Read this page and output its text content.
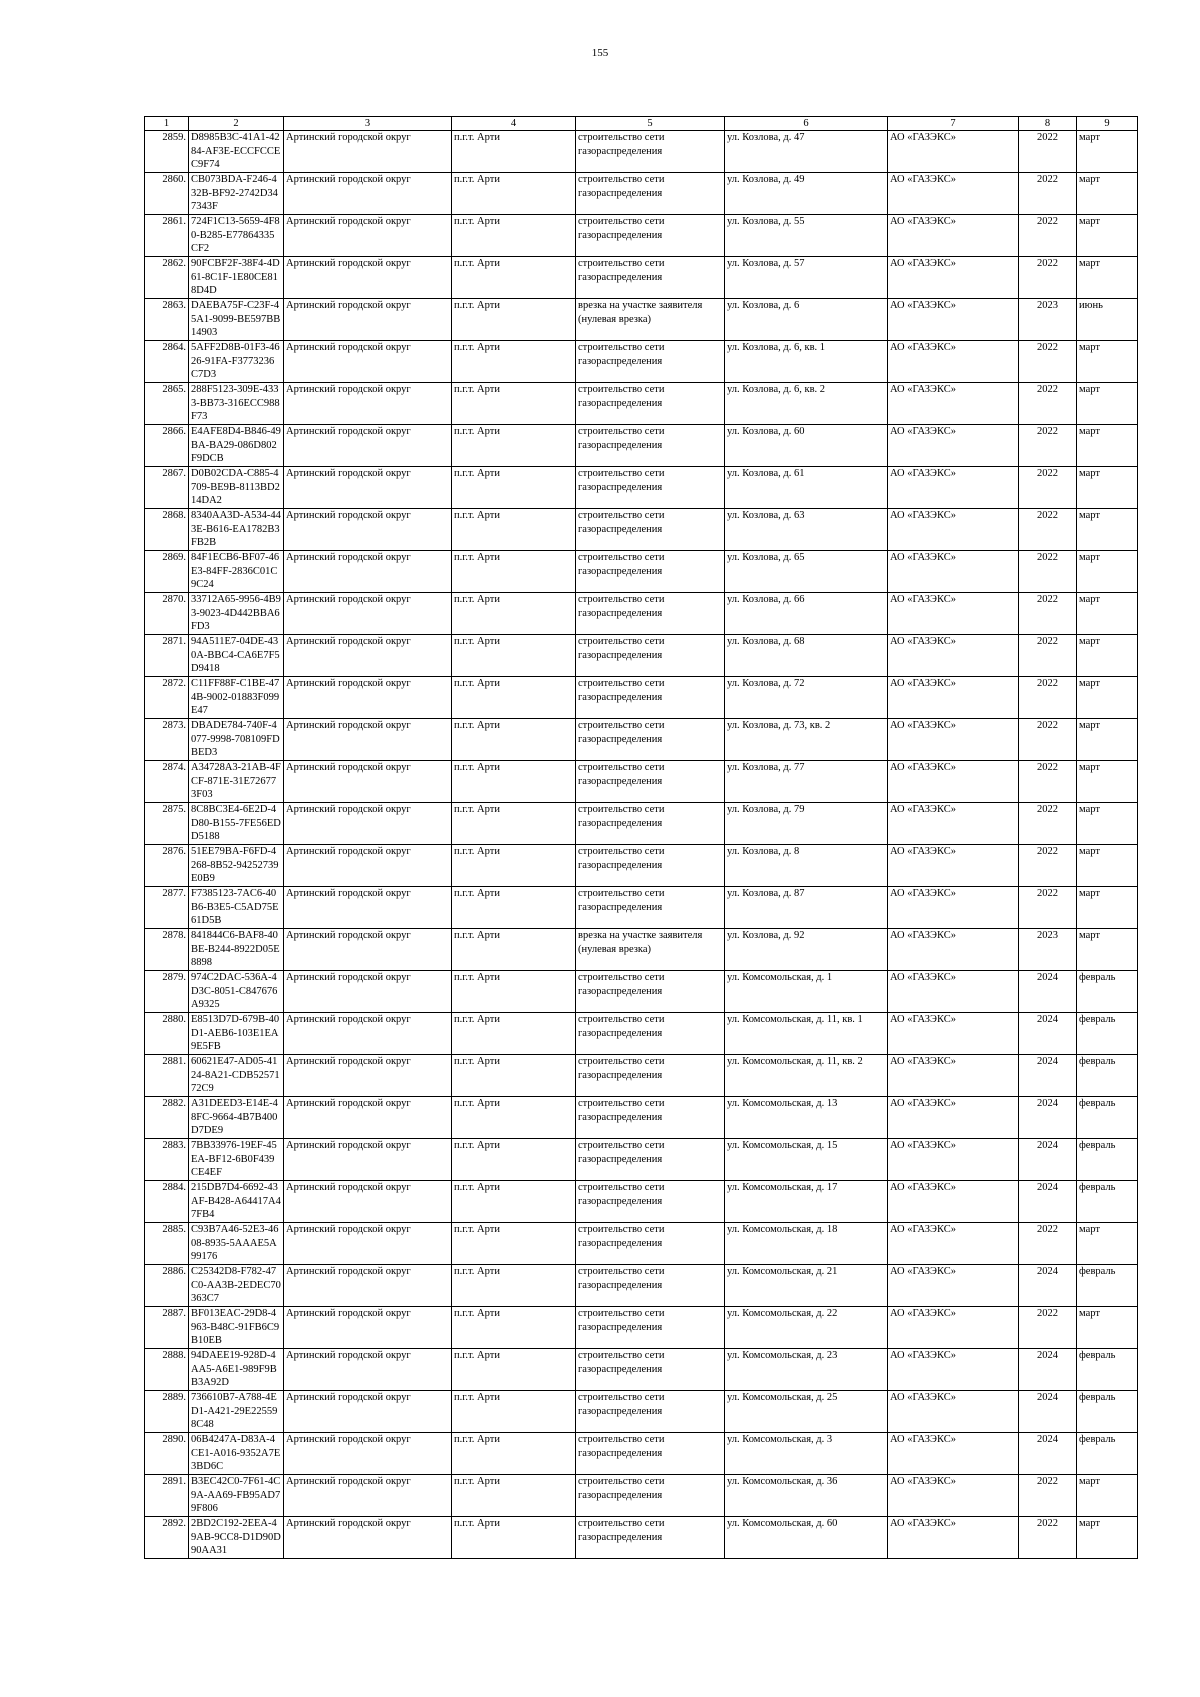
155
1	2	3	4	5	6	7	8	9
2859.	D8985B3C-41A1-4284-AF3E-ECCFCCEC9F74	Артинский городской округ	п.г.т. Арти	строительство сети газораспределения	ул. Козлова, д. 47	АО «ГАЗЭКС»	2022	март
2860.	CB073BDA-F246-432B-BF92-2742D347343F	Артинский городской округ	п.г.т. Арти	строительство сети газораспределения	ул. Козлова, д. 49	АО «ГАЗЭКС»	2022	март
2861.	724F1C13-5659-4F80-B285-E77864335CF2	Артинский городской округ	п.г.т. Арти	строительство сети газораспределения	ул. Козлова, д. 55	АО «ГАЗЭКС»	2022	март
2862.	90FCBF2F-38F4-4D61-8C1F-1E80CE818D4D	Артинский городской округ	п.г.т. Арти	строительство сети газораспределения	ул. Козлова, д. 57	АО «ГАЗЭКС»	2022	март
2863.	DAEBA75F-C23F-45A1-9099-BE597BB14903	Артинский городской округ	п.г.т. Арти	врезка на участке заявителя (нулевая врезка)	ул. Козлова, д. 6	АО «ГАЗЭКС»	2023	июнь
2864.	5AFF2D8B-01F3-4626-91FA-F3773236C7D3	Артинский городской округ	п.г.т. Арти	строительство сети газораспределения	ул. Козлова, д. 6, кв. 1	АО «ГАЗЭКС»	2022	март
2865.	288F5123-309E-4333-BB73-316ECC988F73	Артинский городской округ	п.г.т. Арти	строительство сети газораспределения	ул. Козлова, д. 6, кв. 2	АО «ГАЗЭКС»	2022	март
2866.	E4AFE8D4-B846-49BA-BA29-086D802F9DCB	Артинский городской округ	п.г.т. Арти	строительство сети газораспределения	ул. Козлова, д. 60	АО «ГАЗЭКС»	2022	март
2867.	D0B02CDA-C885-4709-BE9B-8113BD214DA2	Артинский городской округ	п.г.т. Арти	строительство сети газораспределения	ул. Козлова, д. 61	АО «ГАЗЭКС»	2022	март
2868.	8340AA3D-A534-443E-B616-EA1782B3FB2B	Артинский городской округ	п.г.т. Арти	строительство сети газораспределения	ул. Козлова, д. 63	АО «ГАЗЭКС»	2022	март
2869.	84F1ECB6-BF07-46E3-84FF-2836C01C9C24	Артинский городской округ	п.г.т. Арти	строительство сети газораспределения	ул. Козлова, д. 65	АО «ГАЗЭКС»	2022	март
2870.	33712A65-9956-4B93-9023-4D442BBA6FD3	Артинский городской округ	п.г.т. Арти	строительство сети газораспределения	ул. Козлова, д. 66	АО «ГАЗЭКС»	2022	март
2871.	94A511E7-04DE-430A-BBC4-CA6E7F5D9418	Артинский городской округ	п.г.т. Арти	строительство сети газораспределения	ул. Козлова, д. 68	АО «ГАЗЭКС»	2022	март
2872.	C11FF88F-C1BE-474B-9002-01883F099E47	Артинский городской округ	п.г.т. Арти	строительство сети газораспределения	ул. Козлова, д. 72	АО «ГАЗЭКС»	2022	март
2873.	DBADE784-740F-4077-9998-708109FDBED3	Артинский городской округ	п.г.т. Арти	строительство сети газораспределения	ул. Козлова, д. 73, кв. 2	АО «ГАЗЭКС»	2022	март
2874.	A34728A3-21AB-4FCF-871E-31E726773F03	Артинский городской округ	п.г.т. Арти	строительство сети газораспределения	ул. Козлова, д. 77	АО «ГАЗЭКС»	2022	март
2875.	8C8BC3E4-6E2D-4D80-B155-7FE56EDD5188	Артинский городской округ	п.г.т. Арти	строительство сети газораспределения	ул. Козлова, д. 79	АО «ГАЗЭКС»	2022	март
2876.	51EE79BA-F6FD-4268-8B52-94252739E0B9	Артинский городской округ	п.г.т. Арти	строительство сети газораспределения	ул. Козлова, д. 8	АО «ГАЗЭКС»	2022	март
2877.	F7385123-7AC6-40B6-B3E5-C5AD75E61D5B	Артинский городской округ	п.г.т. Арти	строительство сети газораспределения	ул. Козлова, д. 87	АО «ГАЗЭКС»	2022	март
2878.	841844C6-BAF8-40BE-B244-8922D05E8898	Артинский городской округ	п.г.т. Арти	врезка на участке заявителя (нулевая врезка)	ул. Козлова, д. 92	АО «ГАЗЭКС»	2023	март
2879.	974C2DAC-536A-4D3C-8051-C847676A9325	Артинский городской округ	п.г.т. Арти	строительство сети газораспределения	ул. Комсомольская, д. 1	АО «ГАЗЭКС»	2024	февраль
2880.	E8513D7D-679B-40D1-AEB6-103E1EA9E5FB	Артинский городской округ	п.г.т. Арти	строительство сети газораспределения	ул. Комсомольская, д. 11, кв. 1	АО «ГАЗЭКС»	2024	февраль
2881.	60621E47-AD05-4124-8A21-CDB5257172C9	Артинский городской округ	п.г.т. Арти	строительство сети газораспределения	ул. Комсомольская, д. 11, кв. 2	АО «ГАЗЭКС»	2024	февраль
2882.	A31DEED3-E14E-48FC-9664-4B7B400D7DE9	Артинский городской округ	п.г.т. Арти	строительство сети газораспределения	ул. Комсомольская, д. 13	АО «ГАЗЭКС»	2024	февраль
2883.	7BB33976-19EF-45EA-BF12-6B0F439CE4EF	Артинский городской округ	п.г.т. Арти	строительство сети газораспределения	ул. Комсомольская, д. 15	АО «ГАЗЭКС»	2024	февраль
2884.	215DB7D4-6692-43AF-B428-A64417A47FB4	Артинский городской округ	п.г.т. Арти	строительство сети газораспределения	ул. Комсомольская, д. 17	АО «ГАЗЭКС»	2024	февраль
2885.	C93B7A46-52E3-4608-8935-5AAAE5A99176	Артинский городской округ	п.г.т. Арти	строительство сети газораспределения	ул. Комсомольская, д. 18	АО «ГАЗЭКС»	2022	март
2886.	C25342D8-F782-47C0-AA3B-2EDEC70363C7	Артинский городской округ	п.г.т. Арти	строительство сети газораспределения	ул. Комсомольская, д. 21	АО «ГАЗЭКС»	2024	февраль
2887.	BF013EAC-29D8-4963-B48C-91FB6C9B10EB	Артинский городской округ	п.г.т. Арти	строительство сети газораспределения	ул. Комсомольская, д. 22	АО «ГАЗЭКС»	2022	март
2888.	94DAEE19-928D-4AA5-A6E1-989F9BB3A92D	Артинский городской округ	п.г.т. Арти	строительство сети газораспределения	ул. Комсомольская, д. 23	АО «ГАЗЭКС»	2024	февраль
2889.	736610B7-A788-4ED1-A421-29E225598C48	Артинский городской округ	п.г.т. Арти	строительство сети газораспределения	ул. Комсомольская, д. 25	АО «ГАЗЭКС»	2024	февраль
2890.	06B4247A-D83A-4CE1-A016-9352A7E3BD6C	Артинский городской округ	п.г.т. Арти	строительство сети газораспределения	ул. Комсомольская, д. 3	АО «ГАЗЭКС»	2024	февраль
2891.	B3EC42C0-7F61-4C9A-AA69-FB95AD79F806	Артинский городской округ	п.г.т. Арти	строительство сети газораспределения	ул. Комсомольская, д. 36	АО «ГАЗЭКС»	2022	март
2892.	2BD2C192-2EEA-49AB-9CC8-D1D90D90AA31	Артинский городской округ	п.г.т. Арти	строительство сети газораспределения	ул. Комсомольская, д. 60	АО «ГАЗЭКС»	2022	март
